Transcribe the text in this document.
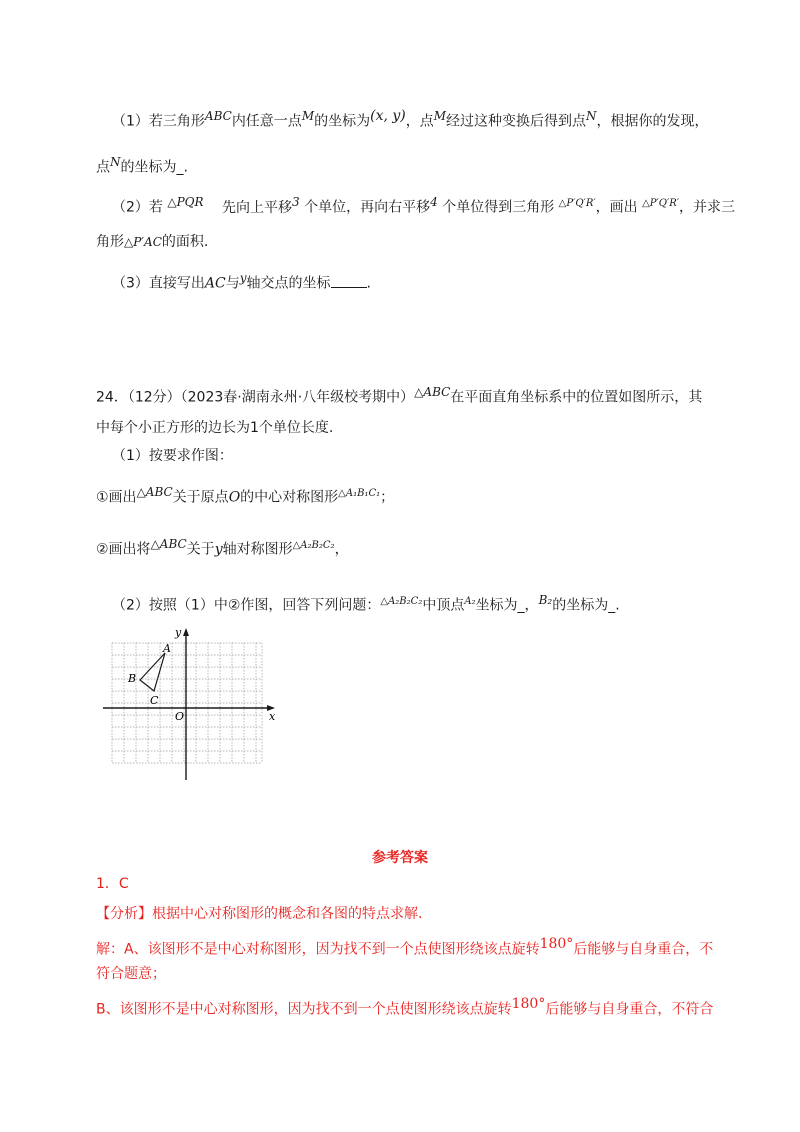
（1）若三角形$^{ABC}$内任意一点$^M$的坐标为$^{(x, y)}$，点$^M$经过这种变换后得到点$^N$，根据你的发现，
点$^N$的坐标为_.
（2）若 $^{\triangle PQR}$ 先向上平移$^3$ 个单位，再向右平移$^4$ 个单位得到三角形 $^{\triangle P'Q'R'}$，画出 $^{\triangle P'Q'R'}$，并求三
角形△P′AC的面积.
（3）直接写出AC与$^y$轴交点的坐标	.
24．（12分）（2023春·湖南永州·八年级校考期中）$^{\triangle ABC}$在平面直角坐标系中的位置如图所示，其
中每个小正方形的边长为1个单位长度.
（1）按要求作图：
①画出$^{\triangle ABC}$关于原点O的中心对称图形$^{\triangle A_1B_1C_1}$；
②画出将$^{\triangle ABC}$关于y轴对称图形$^{\triangle A_2B_2C_2}$，
（2）按照（1）中②作图，回答下列问题：$^{\triangle A_2B_2C_2}$中顶点$^{A_2}$坐标为_，$^{B_2}$的坐标为_.
y
x
O
A
B
C
参考答案
1．C
【分析】根据中心对称图形的概念和各图的特点求解.
解：A、该图形不是中心对称图形，因为找不到一个点使图形绕该点旋转$^{180^\circ}$后能够与自身重合，不
符合题意；
B、该图形不是中心对称图形，因为找不到一个点使图形绕该点旋转$^{180^\circ}$后能够与自身重合，不符合
